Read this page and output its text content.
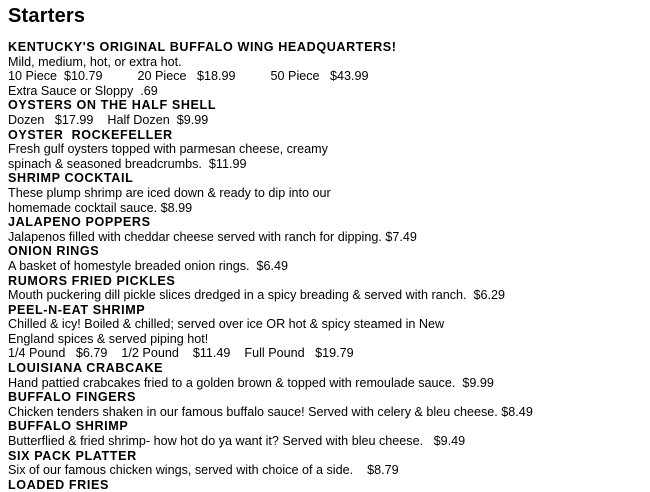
Starters
KENTUCKY'S ORIGINAL BUFFALO WING HEADQUARTERS!
Mild, medium, hot, or extra hot.
10 Piece  $10.79          20 Piece   $18.99          50 Piece   $43.99
Extra Sauce or Sloppy  .69
OYSTERS ON THE HALF SHELL
Dozen   $17.99    Half Dozen  $9.99
OYSTER  ROCKEFELLER
Fresh gulf oysters topped with parmesan cheese, creamy
spinach & seasoned breadcrumbs.  $11.99
SHRIMP COCKTAIL
These plump shrimp are iced down & ready to dip into our
homemade cocktail sauce. $8.99
JALAPENO POPPERS
Jalapenos filled with cheddar cheese served with ranch for dipping. $7.49
ONION RINGS
A basket of homestyle breaded onion rings.  $6.49
RUMORS FRIED PICKLES
Mouth puckering dill pickle slices dredged in a spicy breading & served with ranch.  $6.29
PEEL-N-EAT SHRIMP
Chilled & icy! Boiled & chilled; served over ice OR hot & spicy steamed in New
England spices & served piping hot!
1/4 Pound   $6.79    1/2 Pound    $11.49    Full Pound   $19.79
LOUISIANA CRABCAKE
Hand pattied crabcakes fried to a golden brown & topped with remoulade sauce.  $9.99
BUFFALO FINGERS
Chicken tenders shaken in our famous buffalo sauce! Served with celery & bleu cheese. $8.49
BUFFALO SHRIMP
Butterflied & fried shrimp- how hot do ya want it? Served with bleu cheese.   $9.49
SIX PACK PLATTER
Six of our famous chicken wings, served with choice of a side.    $8.79
LOADED FRIES
